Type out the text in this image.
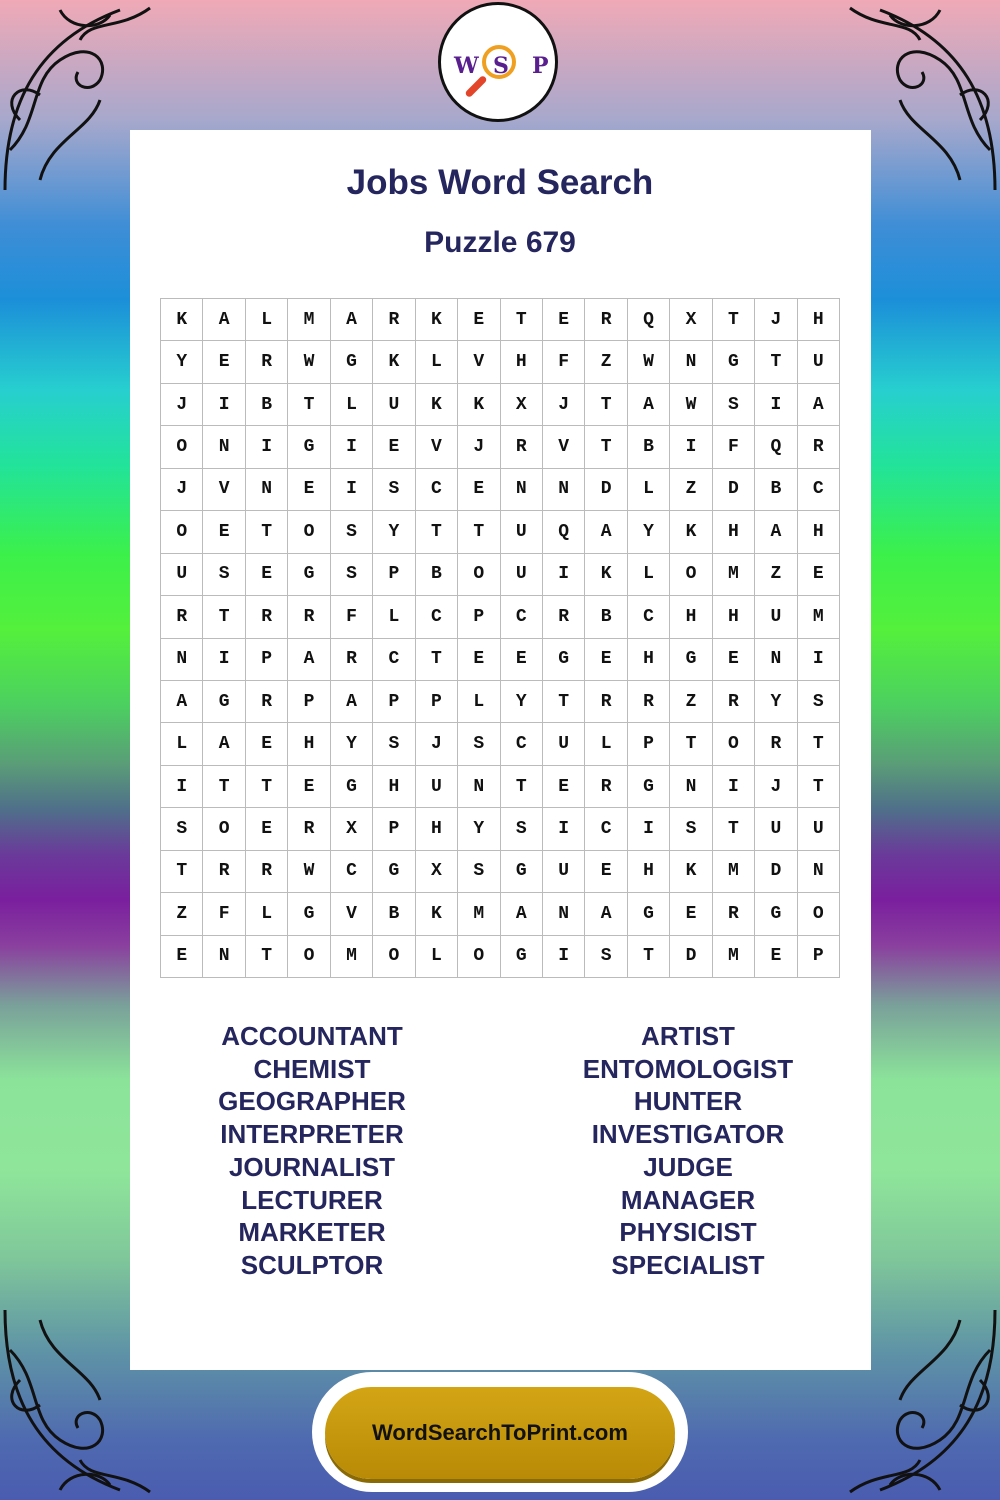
W S P
Jobs Word Search
Puzzle 679
K	A	L	M	A	R	K	E	T	E	R	Q	X	T	J	H
Y	E	R	W	G	K	L	V	H	F	Z	W	N	G	T	U
J	I	B	T	L	U	K	K	X	J	T	A	W	S	I	A
O	N	I	G	I	E	V	J	R	V	T	B	I	F	Q	R
J	V	N	E	I	S	C	E	N	N	D	L	Z	D	B	C
O	E	T	O	S	Y	T	T	U	Q	A	Y	K	H	A	H
U	S	E	G	S	P	B	O	U	I	K	L	O	M	Z	E
R	T	R	R	F	L	C	P	C	R	B	C	H	H	U	M
N	I	P	A	R	C	T	E	E	G	E	H	G	E	N	I
A	G	R	P	A	P	P	L	Y	T	R	R	Z	R	Y	S
L	A	E	H	Y	S	J	S	C	U	L	P	T	O	R	T
I	T	T	E	G	H	U	N	T	E	R	G	N	I	J	T
S	O	E	R	X	P	H	Y	S	I	C	I	S	T	U	U
T	R	R	W	C	G	X	S	G	U	E	H	K	M	D	N
Z	F	L	G	V	B	K	M	A	N	A	G	E	R	G	O
E	N	T	O	M	O	L	O	G	I	S	T	D	M	E	P
ACCOUNTANT
CHEMIST
GEOGRAPHER
INTERPRETER
JOURNALIST
LECTURER
MARKETER
SCULPTOR
ARTIST
ENTOMOLOGIST
HUNTER
INVESTIGATOR
JUDGE
MANAGER
PHYSICIST
SPECIALIST
WordSearchToPrint.com
